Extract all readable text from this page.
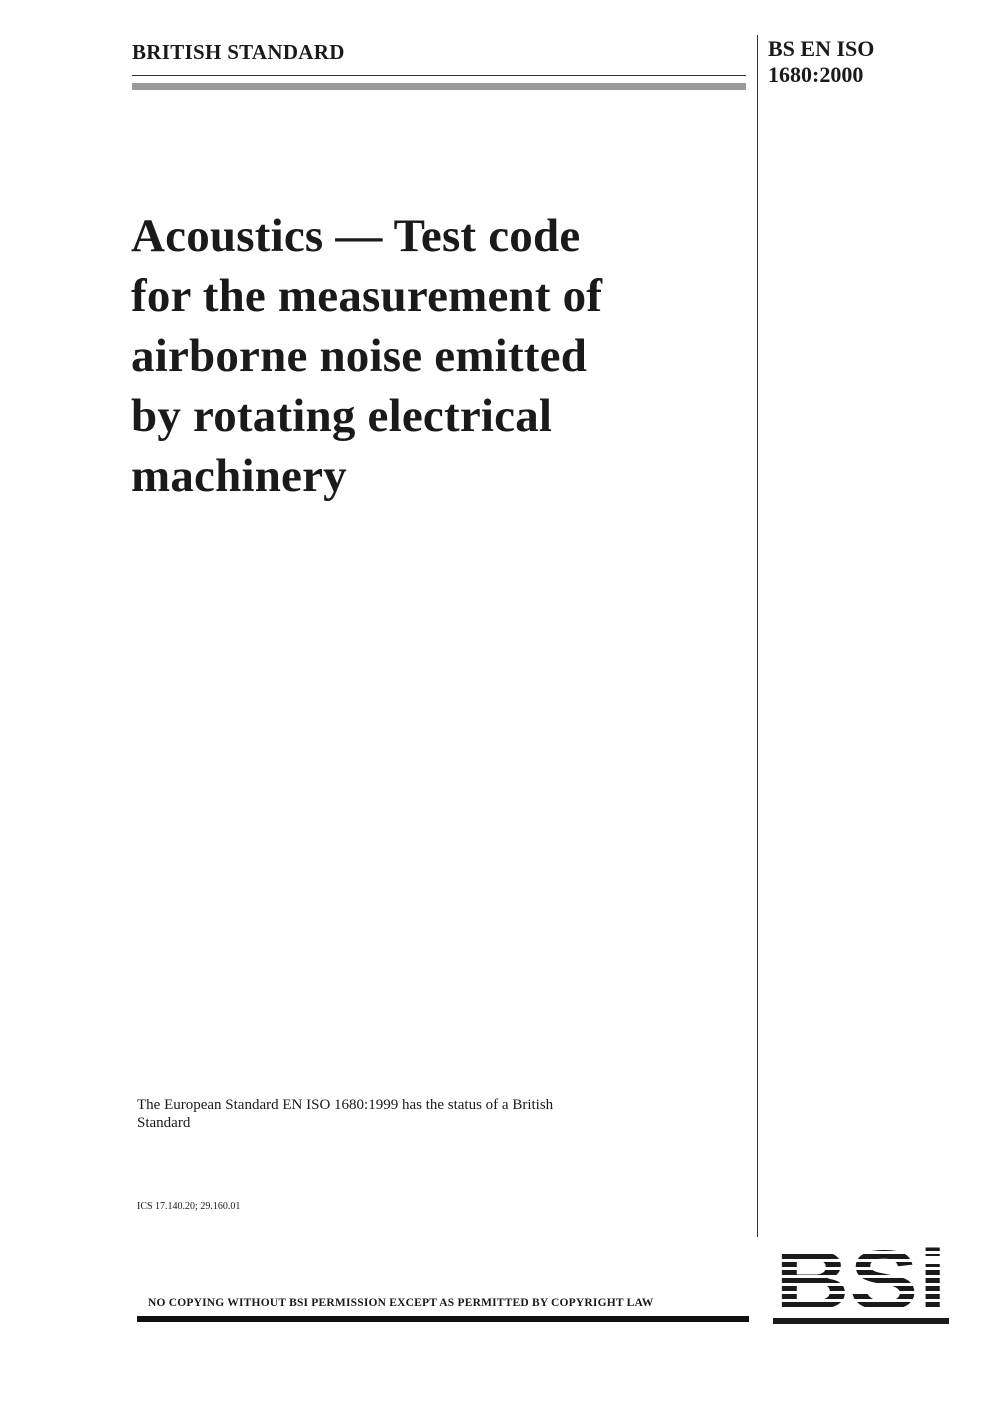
BRITISH STANDARD	BS EN ISO
1680:2000
Acoustics — Test code
for the measurement of
airborne noise emitted
by rotating electrical
machinery
The European Standard EN ISO 1680:1999 has the status of a British Standard
ICS 17.140.20; 29.160.01
NO COPYING WITHOUT BSI PERMISSION EXCEPT AS PERMITTED BY COPYRIGHT LAW
